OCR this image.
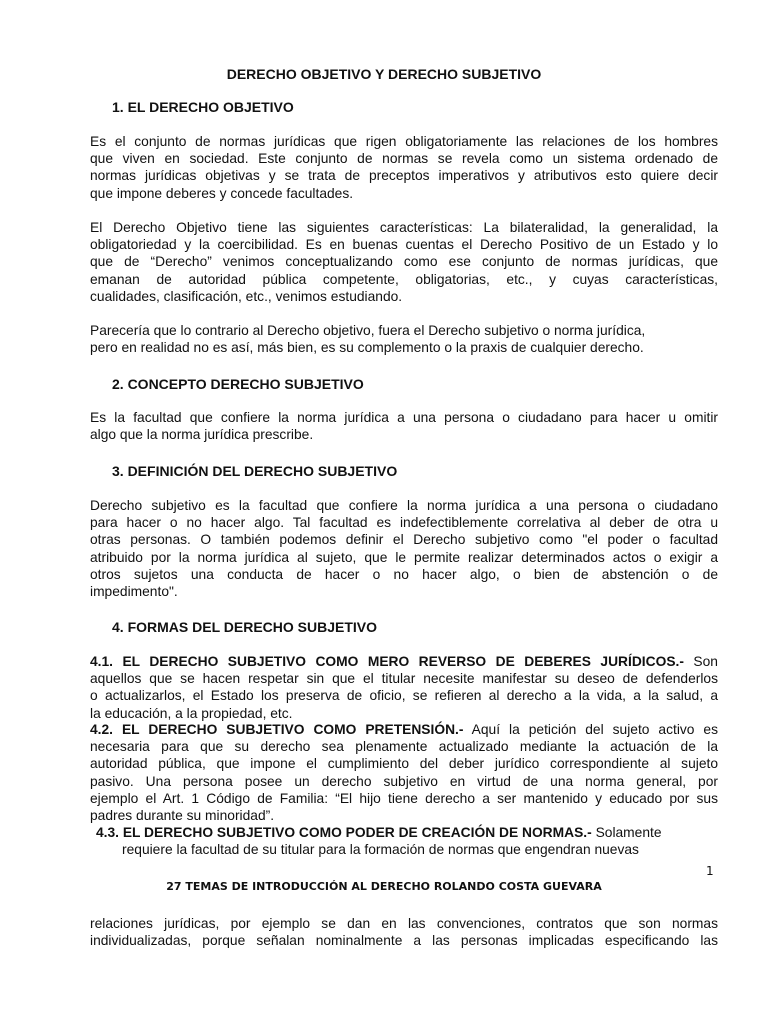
DERECHO OBJETIVO Y DERECHO SUBJETIVO
1. EL DERECHO OBJETIVO
Es el conjunto de normas jurídicas que rigen obligatoriamente las relaciones de los hombres
que viven en sociedad. Este conjunto de normas se revela como un sistema ordenado de
normas jurídicas objetivas y se trata de preceptos imperativos y atributivos esto quiere decir
que impone deberes y concede facultades.
El Derecho Objetivo tiene las siguientes características: La bilateralidad, la generalidad, la
obligatoriedad y la coercibilidad. Es en buenas cuentas el Derecho Positivo de un Estado y lo
que de “Derecho” venimos conceptualizando como ese conjunto de normas jurídicas, que
emanan de autoridad pública competente, obligatorias, etc., y cuyas características,
cualidades, clasificación, etc., venimos estudiando.
Parecería que lo contrario al Derecho objetivo, fuera el Derecho subjetivo o norma jurídica,
pero en realidad no es así, más bien, es su complemento o la praxis de cualquier derecho.
2. CONCEPTO DERECHO SUBJETIVO
Es la facultad que confiere la norma jurídica a una persona o ciudadano para hacer u omitir
algo que la norma jurídica prescribe.
3. DEFINICIÓN DEL DERECHO SUBJETIVO
Derecho subjetivo es la facultad que confiere la norma jurídica a una persona o ciudadano
para hacer o no hacer algo. Tal facultad es indefectiblemente correlativa al deber de otra u
otras personas. O también podemos definir el Derecho subjetivo como "el poder o facultad
atribuido por la norma jurídica al sujeto, que le permite realizar determinados actos o exigir a
otros sujetos una conducta de hacer o no hacer algo, o bien de abstención o de
impedimento".
4. FORMAS DEL DERECHO SUBJETIVO
4.1. EL DERECHO SUBJETIVO COMO MERO REVERSO DE DEBERES JURÍDICOS.- Son
aquellos que se hacen respetar sin que el titular necesite manifestar su deseo de defenderlos
o actualizarlos, el Estado los preserva de oficio, se refieren al derecho a la vida, a la salud, a
la educación, a la propiedad, etc.
4.2. EL DERECHO SUBJETIVO COMO PRETENSIÓN.- Aquí la petición del sujeto activo es
necesaria para que su derecho sea plenamente actualizado mediante la actuación de la
autoridad pública, que impone el cumplimiento del deber jurídico correspondiente al sujeto
pasivo. Una persona posee un derecho subjetivo en virtud de una norma general, por
ejemplo el Art. 1 Código de Familia: “El hijo tiene derecho a ser mantenido y educado por sus
padres durante su minoridad”.
4.3. EL DERECHO SUBJETIVO COMO PODER DE CREACIÓN DE NORMAS.- Solamente
requiere la facultad de su titular para la formación de normas que engendran nuevas
1
27 TEMAS DE INTRODUCCIÓN AL DERECHO ROLANDO COSTA GUEVARA
relaciones jurídicas, por ejemplo se dan en las convenciones, contratos que son normas
individualizadas, porque señalan nominalmente a las personas implicadas especificando las
